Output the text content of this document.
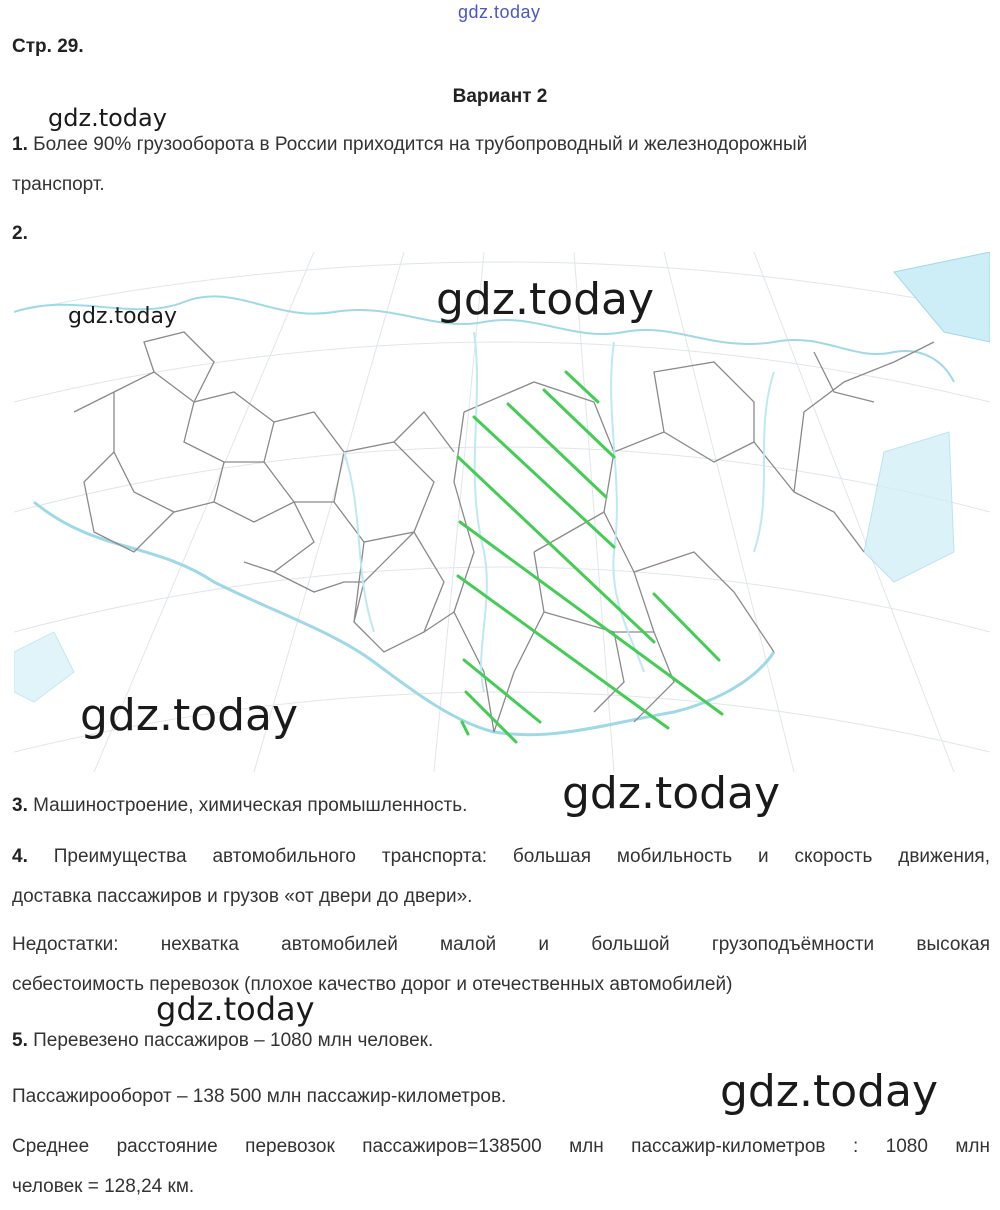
gdz.today
Стр. 29.
Вариант 2
gdz.today
1. Более 90% грузооборота в России приходится на трубопроводный и железнодорожный
транспорт.
2.
gdz.today
gdz.today
gdz.today
3. Машиностроение, химическая промышленность.	gdz.today
4. Преимущества автомобильного транспорта: большая мобильность и скорость движения,
доставка пассажиров и грузов «от двери до двери».
Недостатки: нехватка автомобилей малой и большой грузоподъёмности высокая
себестоимость перевозок (плохое качество дорог и отечественных автомобилей)
gdz.today
5. Перевезено пассажиров – 1080 млн человек.
Пассажирооборот – 138 500 млн пассажир-километров.	gdz.today
Среднее расстояние перевозок пассажиров=138500 млн пассажир-километров : 1080 млн
человек = 128,24 км.
